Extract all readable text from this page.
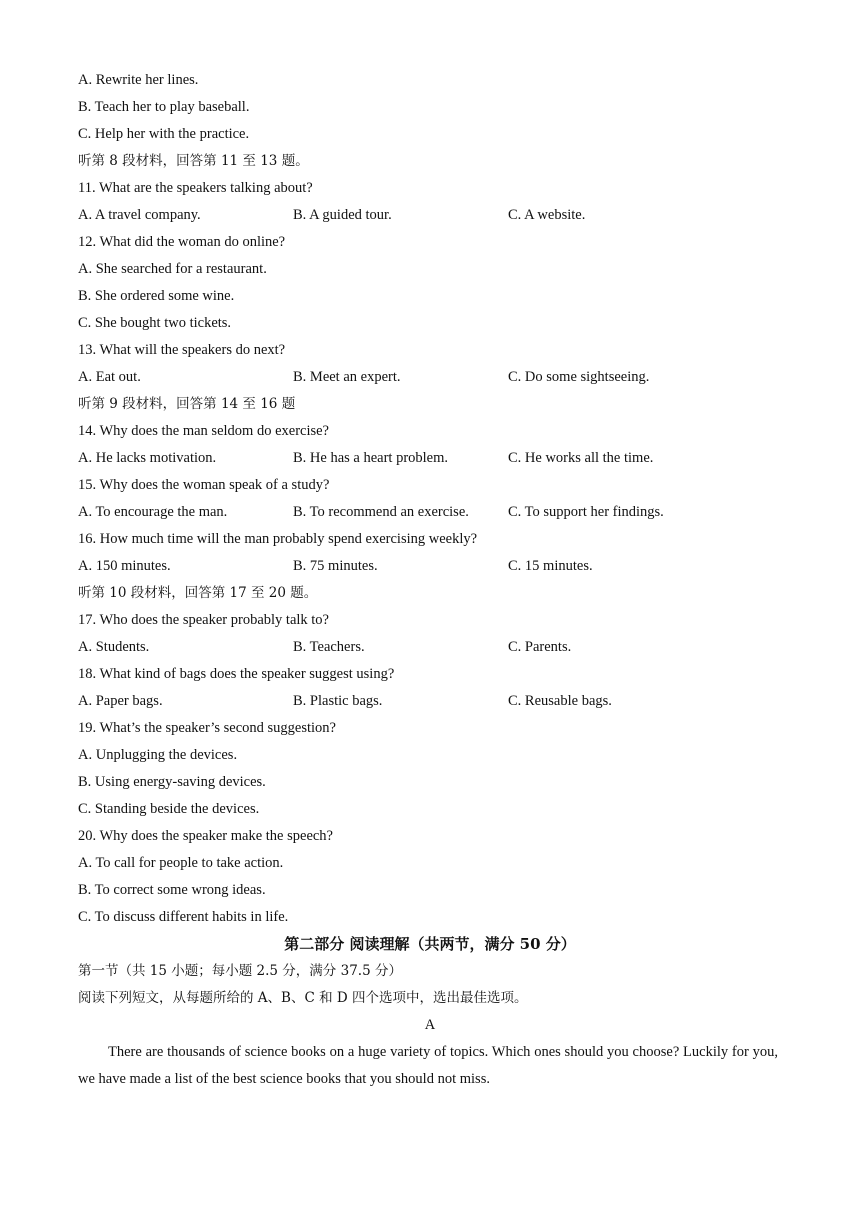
A. Rewrite her lines.
B. Teach her to play baseball.
C. Help her with the practice.
听第 8 段材料，回答第 11 至 13 题。
11. What are the speakers talking about?
A. A travel company.	B. A guided tour.	C. A website.
12. What did the woman do online?
A. She searched for a restaurant.
B. She ordered some wine.
C. She bought two tickets.
13. What will the speakers do next?
A. Eat out.	B. Meet an expert.	C. Do some sightseeing.
听第 9 段材料，回答第 14 至 16 题
14. Why does the man seldom do exercise?
A. He lacks motivation.	B. He has a heart problem.	C. He works all the time.
15. Why does the woman speak of a study?
A. To encourage the man.	B. To recommend an exercise.	C. To support her findings.
16. How much time will the man probably spend exercising weekly?
A. 150 minutes.	B. 75 minutes.	C. 15 minutes.
听第 10 段材料，回答第 17 至 20 题。
17. Who does the speaker probably talk to?
A. Students.	B. Teachers.	C. Parents.
18. What kind of bags does the speaker suggest using?
A. Paper bags.	B. Plastic bags.	C. Reusable bags.
19. What’s the speaker’s second suggestion?
A. Unplugging the devices.
B. Using energy-saving devices.
C. Standing beside the devices.
20. Why does the speaker make the speech?
A. To call for people to take action.
B. To correct some wrong ideas.
C. To discuss different habits in life.
第二部分 阅读理解（共两节，满分 50 分）
第一节（共 15 小题；每小题 2.5 分，满分 37.5 分）
阅读下列短文，从每题所给的 A、B、C 和 D 四个选项中，选出最佳选项。
A
There are thousands of science books on a huge variety of topics. Which ones should you choose? Luckily for you, we have made a list of the best science books that you should not miss.
